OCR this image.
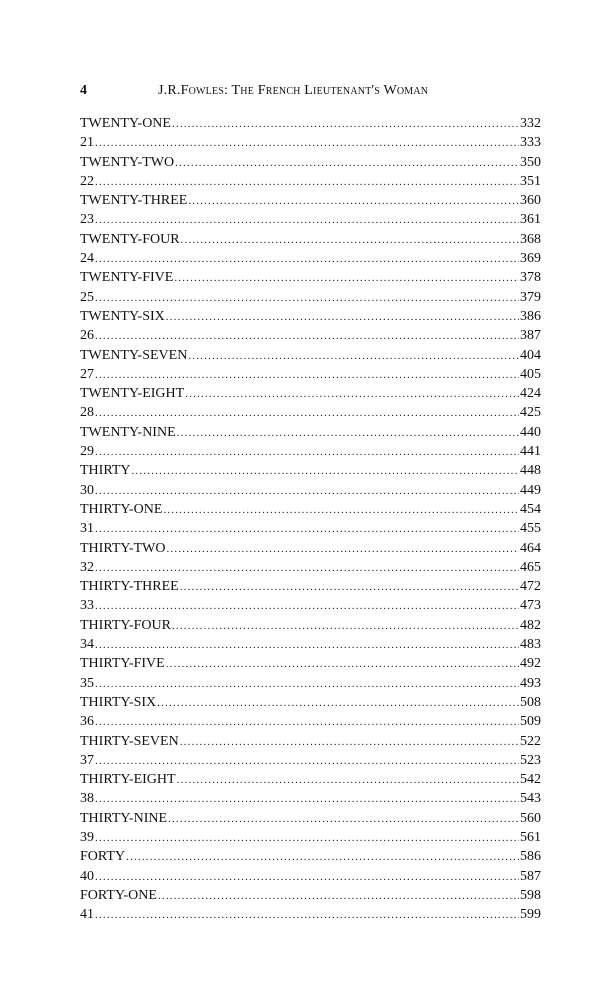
4	J.R.Fowles: The French Lieutenant's Woman
TWENTY-ONE .....	332
21 .....	333
TWENTY-TWO .....	350
22 .....	351
TWENTY-THREE .....	360
23 .....	361
TWENTY-FOUR .....	368
24 .....	369
TWENTY-FIVE .....	378
25 .....	379
TWENTY-SIX .....	386
26 .....	387
TWENTY-SEVEN .....	404
27 .....	405
TWENTY-EIGHT .....	424
28 .....	425
TWENTY-NINE .....	440
29 .....	441
THIRTY .....	448
30 .....	449
THIRTY-ONE .....	454
31 .....	455
THIRTY-TWO .....	464
32 .....	465
THIRTY-THREE .....	472
33 .....	473
THIRTY-FOUR .....	482
34 .....	483
THIRTY-FIVE .....	492
35 .....	493
THIRTY-SIX .....	508
36 .....	509
THIRTY-SEVEN .....	522
37 .....	523
THIRTY-EIGHT .....	542
38 .....	543
THIRTY-NINE .....	560
39 .....	561
FORTY .....	586
40 .....	587
FORTY-ONE .....	598
41 .....	599
